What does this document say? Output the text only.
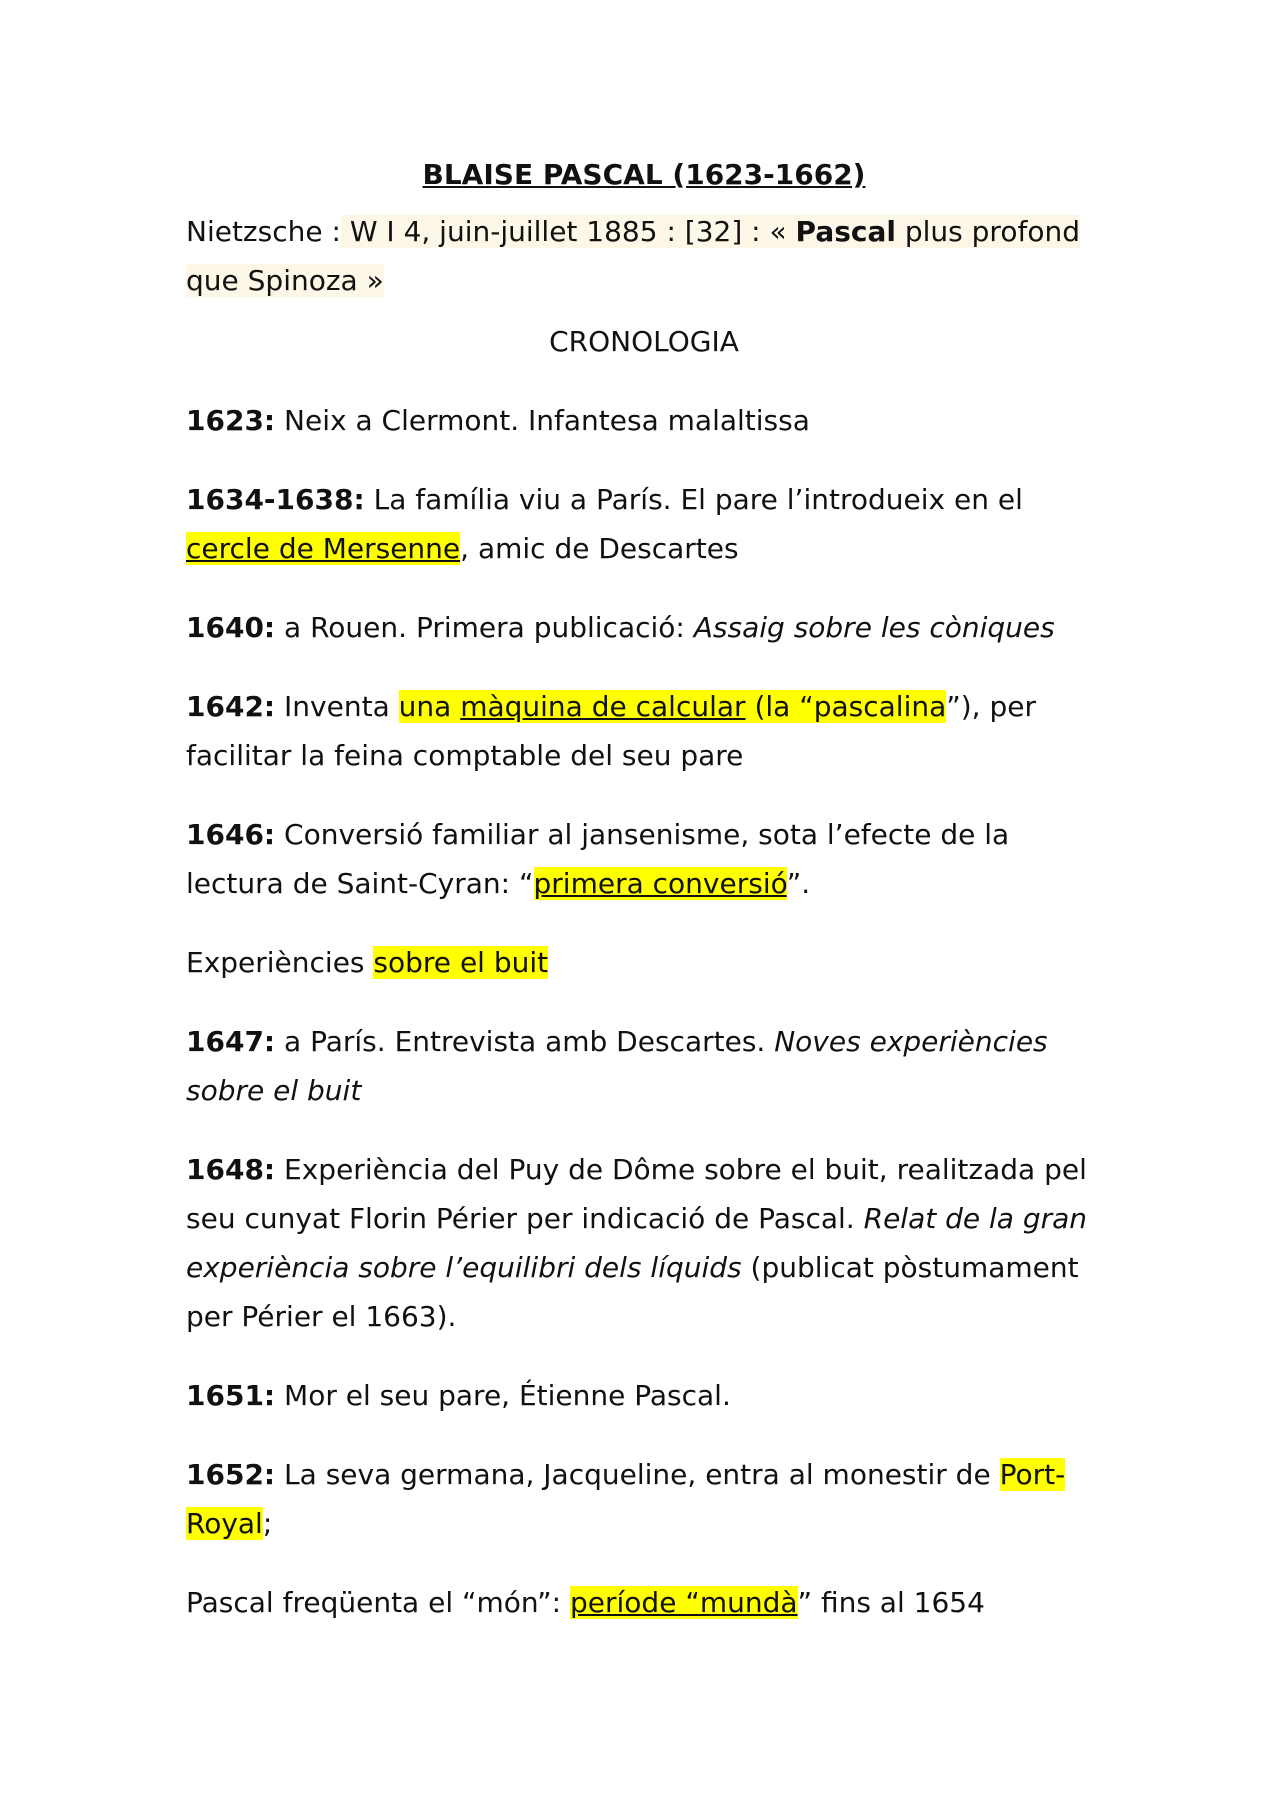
BLAISE PASCAL (1623-1662)

Nietzsche : W I 4, juin-juillet 1885 : [32] : « Pascal plus profond que Spinoza »

CRONOLOGIA

1623: Neix a Clermont. Infantesa malaltissa

1634-1638: La família viu a París. El pare l’introdueix en el cercle de Mersenne, amic de Descartes

1640: a Rouen. Primera publicació: Assaig sobre les còniques

1642: Inventa una màquina de calcular (la “pascalina”), per facilitar la feina comptable del seu pare

1646: Conversió familiar al jansenisme, sota l’efecte de la lectura de Saint-Cyran: “primera conversió”.

Experiències sobre el buit

1647: a París. Entrevista amb Descartes. Noves experiències sobre el buit

1648: Experiència del Puy de Dôme sobre el buit, realitzada pel seu cunyat Florin Périer per indicació de Pascal. Relat de la gran experiència sobre l’equilibri dels líquids (publicat pòstumament per Périer el 1663).

1651: Mor el seu pare, Étienne Pascal.

1652: La seva germana, Jacqueline, entra al monestir de Port-Royal;

Pascal freqüenta el “món”: període “mundà” fins al 1654
